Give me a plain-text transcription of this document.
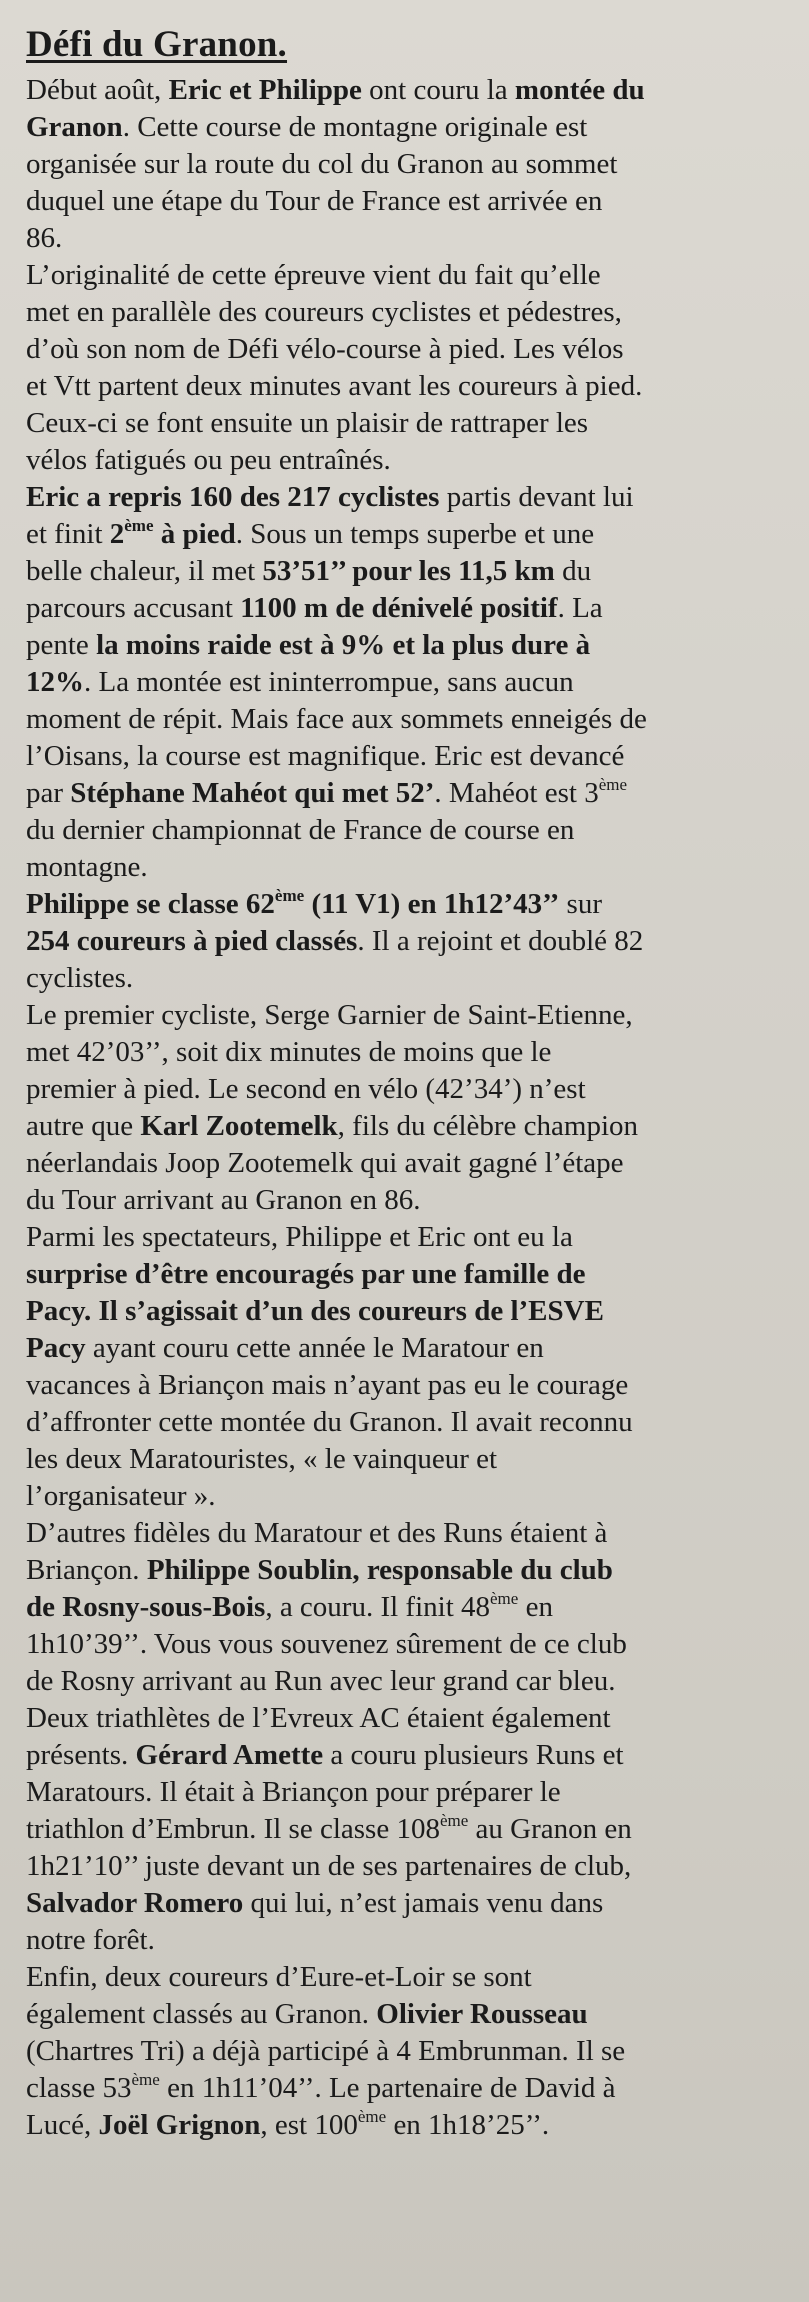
Défi du Granon.
Début août, Eric et Philippe ont couru la montée du
Granon. Cette course de montagne originale est
organisée sur la route du col du Granon au sommet
duquel une étape du Tour de France est arrivée en
86.
L’originalité de cette épreuve vient du fait qu’elle
met en parallèle des coureurs cyclistes et pédestres,
d’où son nom de Défi vélo-course à pied. Les vélos
et Vtt partent deux minutes avant les coureurs à pied.
Ceux-ci se font ensuite un plaisir de rattraper les
vélos fatigués ou peu entraînés.
Eric a repris 160 des 217 cyclistes partis devant lui
et finit 2ème à pied. Sous un temps superbe et une
belle chaleur, il met 53’51’’ pour les 11,5 km du
parcours accusant 1100 m de dénivelé positif. La
pente la moins raide est à 9% et la plus dure à
12%. La montée est ininterrompue, sans aucun
moment de répit. Mais face aux sommets enneigés de
l’Oisans, la course est magnifique. Eric est devancé
par Stéphane Mahéot qui met 52’. Mahéot est 3ème
du dernier championnat de France de course en
montagne.
Philippe se classe 62ème (11 V1) en 1h12’43’’ sur
254 coureurs à pied classés. Il a rejoint et doublé 82
cyclistes.
Le premier cycliste, Serge Garnier de Saint-Etienne,
met 42’03’’, soit dix minutes de moins que le
premier à pied. Le second en vélo (42’34’) n’est
autre que Karl Zootemelk, fils du célèbre champion
néerlandais Joop Zootemelk qui avait gagné l’étape
du Tour arrivant au Granon en 86.
Parmi les spectateurs, Philippe et Eric ont eu la
surprise d’être encouragés par une famille de
Pacy. Il s’agissait d’un des coureurs de l’ESVE
Pacy ayant couru cette année le Maratour en
vacances à Briançon mais n’ayant pas eu le courage
d’affronter cette montée du Granon. Il avait reconnu
les deux Maratouristes, « le vainqueur et
l’organisateur ».
D’autres fidèles du Maratour et des Runs étaient à
Briançon. Philippe Soublin, responsable du club
de Rosny-sous-Bois, a couru. Il finit 48ème en
1h10’39’’. Vous vous souvenez sûrement de ce club
de Rosny arrivant au Run avec leur grand car bleu.
Deux triathlètes de l’Evreux AC étaient également
présents. Gérard Amette a couru plusieurs Runs et
Maratours. Il était à Briançon pour préparer le
triathlon d’Embrun. Il se classe 108ème au Granon en
1h21’10’’ juste devant un de ses partenaires de club,
Salvador Romero qui lui, n’est jamais venu dans
notre forêt.
Enfin, deux coureurs d’Eure-et-Loir se sont
également classés au Granon. Olivier Rousseau
(Chartres Tri) a déjà participé à 4 Embrunman. Il se
classe 53ème en 1h11’04’’. Le partenaire de David à
Lucé, Joël Grignon, est 100ème en 1h18’25’’.
